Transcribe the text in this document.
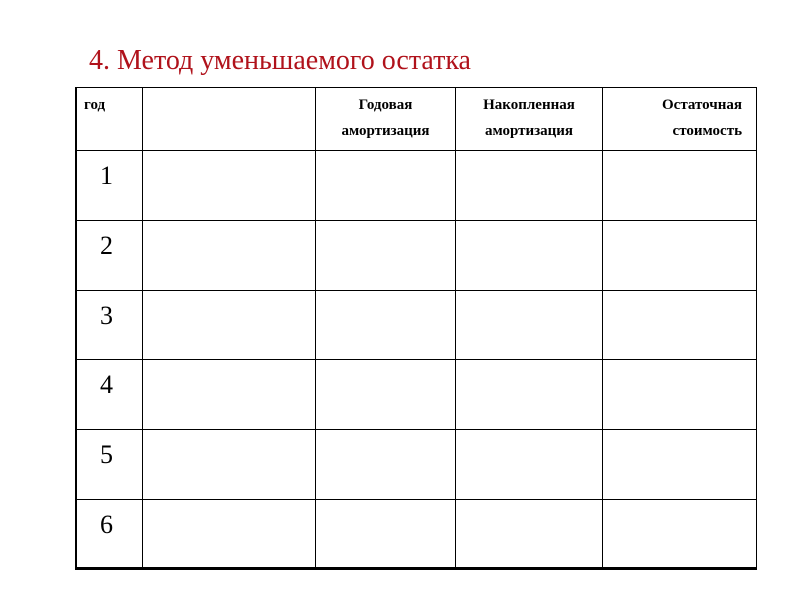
4. Метод уменьшаемого остатка
год		Годовая амортизация	Накопленная амортизация	Остаточная стоимость
1				
2				
3				
4				
5				
6				
